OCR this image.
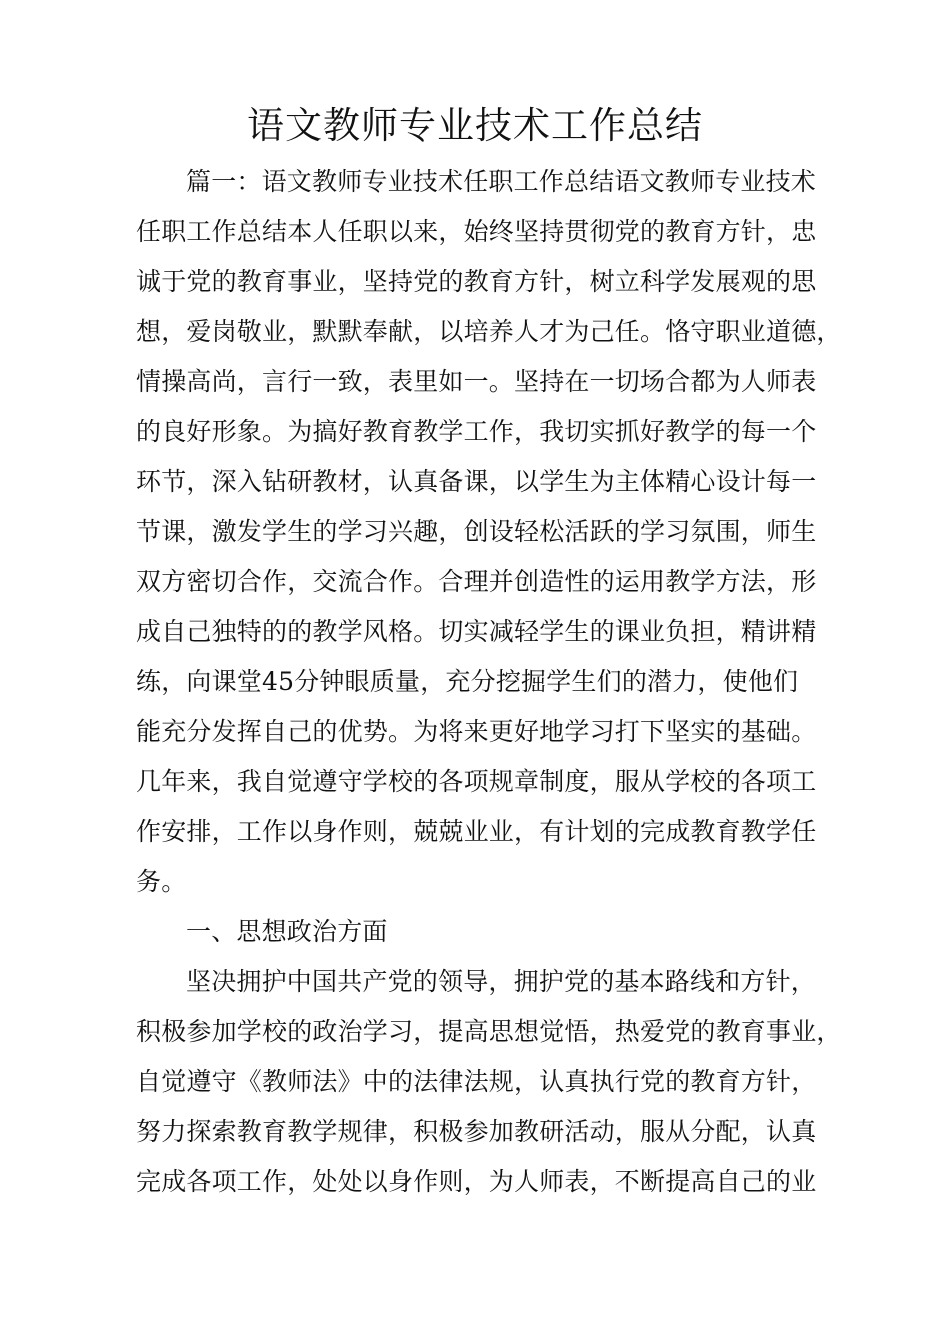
语文教师专业技术工作总结
篇一：语文教师专业技术任职工作总结语文教师专业技术
任职工作总结本人任职以来，始终坚持贯彻党的教育方针，忠
诚于党的教育事业，坚持党的教育方针，树立科学发展观的思
想，爱岗敬业，默默奉献，以培养人才为己任。恪守职业道德，
情操高尚，言行一致，表里如一。坚持在一切场合都为人师表
的良好形象。为搞好教育教学工作，我切实抓好教学的每一个
环节，深入钻研教材，认真备课，以学生为主体精心设计每一
节课，激发学生的学习兴趣，创设轻松活跃的学习氛围，师生
双方密切合作，交流合作。合理并创造性的运用教学方法，形
成自己独特的的教学风格。切实减轻学生的课业负担，精讲精
练，向课堂45分钟眼质量，充分挖掘学生们的潜力，使他们
能充分发挥自己的优势。为将来更好地学习打下坚实的基础。
几年来，我自觉遵守学校的各项规章制度，服从学校的各项工
作安排，工作以身作则，兢兢业业，有计划的完成教育教学任
务。
一、思想政治方面
坚决拥护中国共产党的领导，拥护党的基本路线和方针，
积极参加学校的政治学习，提高思想觉悟，热爱党的教育事业，
自觉遵守《教师法》中的法律法规，认真执行党的教育方针，
努力探索教育教学规律，积极参加教研活动，服从分配，认真
完成各项工作，处处以身作则，为人师表，不断提高自己的业
